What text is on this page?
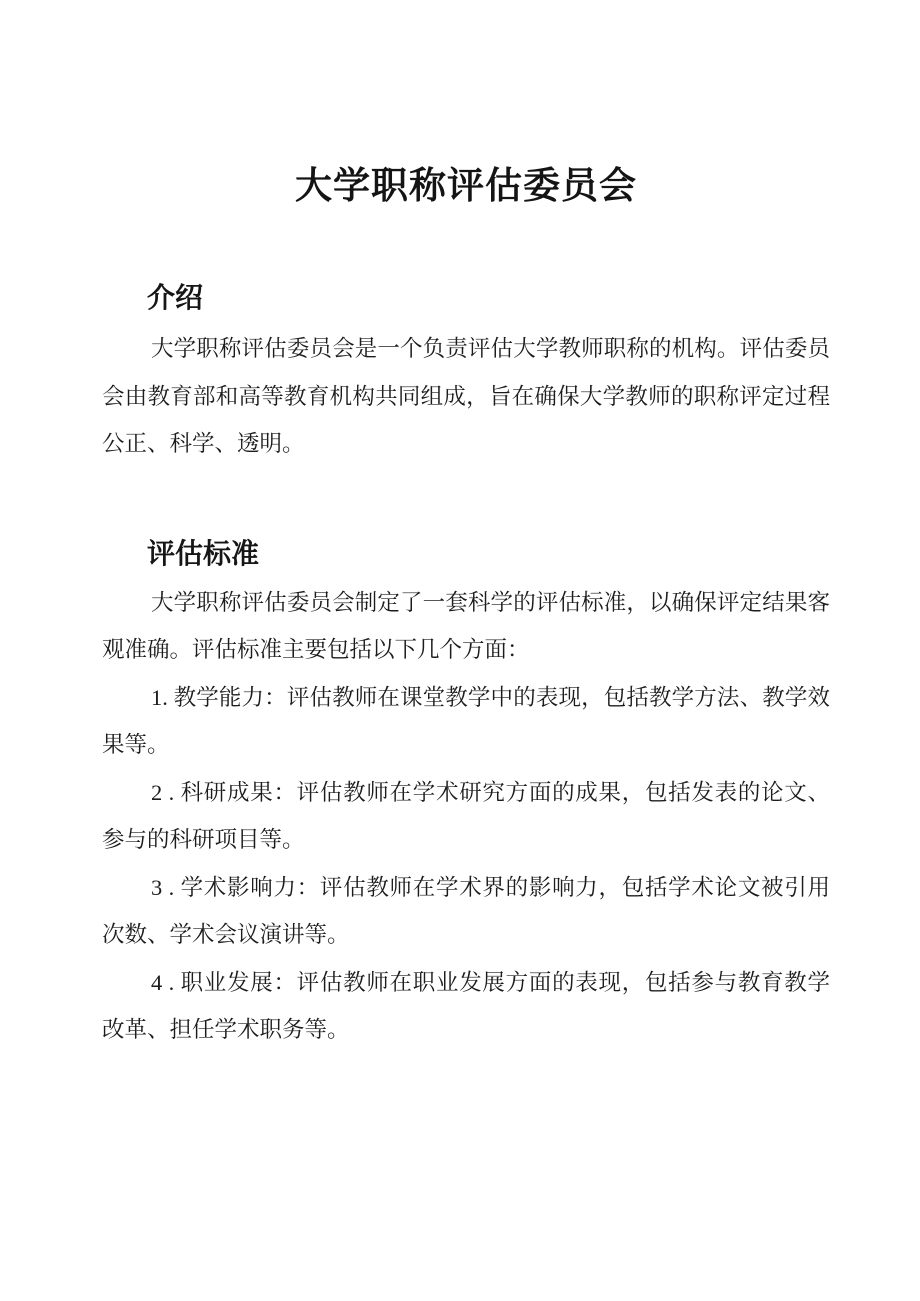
大学职称评估委员会
介绍

大学职称评估委员会是一个负责评估大学教师职称的机构。评估委员会由教育部和高等教育机构共同组成，旨在确保大学教师的职称评定过程公正、科学、透明。

评估标准

大学职称评估委员会制定了一套科学的评估标准，以确保评定结果客观准确。评估标准主要包括以下几个方面：

1. 教学能力：评估教师在课堂教学中的表现，包括教学方法、教学效果等。

2 . 科研成果：评估教师在学术研究方面的成果，包括发表的论文、参与的科研项目等。

3 . 学术影响力：评估教师在学术界的影响力，包括学术论文被引用次数、学术会议演讲等。

4 . 职业发展：评估教师在职业发展方面的表现，包括参与教育教学改革、担任学术职务等。
